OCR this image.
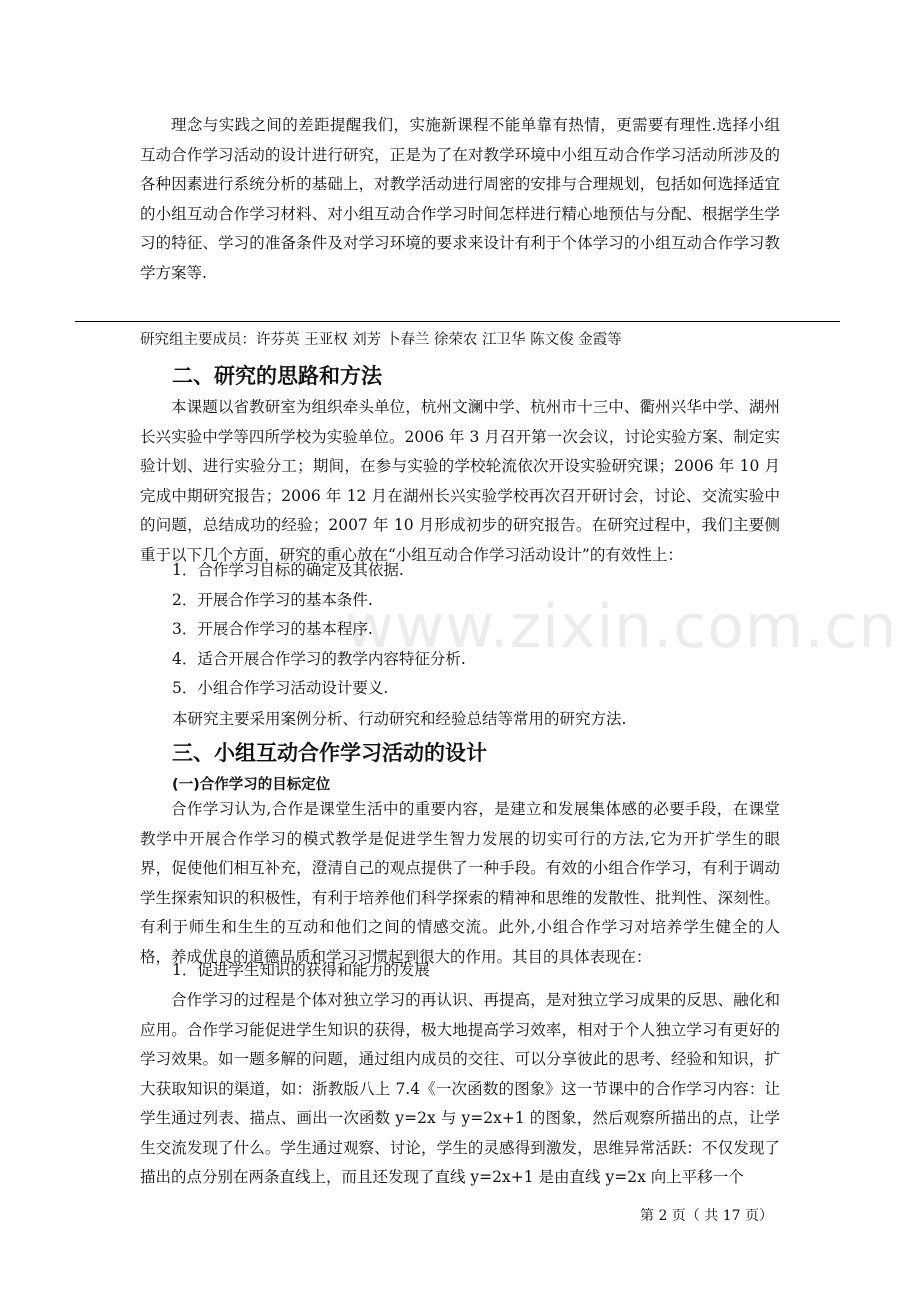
理念与实践之间的差距提醒我们，实施新课程不能单靠有热情，更需要有理性.选择小组互动合作学习活动的设计进行研究，正是为了在对教学环境中小组互动合作学习活动所涉及的各种因素进行系统分析的基础上，对教学活动进行周密的安排与合理规划，包括如何选择适宜的小组互动合作学习材料、对小组互动合作学习时间怎样进行精心地预估与分配、根据学生学习的特征、学习的准备条件及对学习环境的要求来设计有利于个体学习的小组互动合作学习教学方案等.

研究组主要成员：许芬英 王亚权 刘芳 卜春兰 徐荣农 江卫华 陈文俊 金霞等
二、研究的思路和方法

本课题以省教研室为组织牵头单位，杭州文澜中学、杭州市十三中、衢州兴华中学、湖州长兴实验中学等四所学校为实验单位。2006 年 3 月召开第一次会议，讨论实验方案、制定实验计划、进行实验分工；期间，在参与实验的学校轮流依次开设实验研究课；2006 年 10 月完成中期研究报告；2006 年 12 月在湖州长兴实验学校再次召开研讨会，讨论、交流实验中的问题，总结成功的经验；2007 年 10 月形成初步的研究报告。在研究过程中，我们主要侧重于以下几个方面，研究的重心放在“小组互动合作学习活动设计”的有效性上：

1．合作学习目标的确定及其依据.
2．开展合作学习的基本条件.
3．开展合作学习的基本程序.
4．适合开展合作学习的教学内容特征分析.
5．小组合作学习活动设计要义.
本研究主要采用案例分析、行动研究和经验总结等常用的研究方法.
三、小组互动合作学习活动的设计
(一)合作学习的目标定位

合作学习认为,合作是课堂生活中的重要内容，是建立和发展集体感的必要手段，在课堂教学中开展合作学习的模式教学是促进学生智力发展的切实可行的方法,它为开扩学生的眼界，促使他们相互补充，澄清自己的观点提供了一种手段。有效的小组合作学习，有利于调动学生探索知识的积极性，有利于培养他们科学探索的精神和思维的发散性、批判性、深刻性。有利于师生和生生的互动和他们之间的情感交流。此外,小组合作学习对培养学生健全的人格，养成优良的道德品质和学习习惯起到很大的作用。其目的具体表现在：

1．促进学生知识的获得和能力的发展

合作学习的过程是个体对独立学习的再认识、再提高，是对独立学习成果的反思、融化和应用。合作学习能促进学生知识的获得，极大地提高学习效率，相对于个人独立学习有更好的学习效果。如一题多解的问题，通过组内成员的交往、可以分享彼此的思考、经验和知识，扩大获取知识的渠道，如：浙教版八上 7.4《一次函数的图象》这一节课中的合作学习内容：让学生通过列表、描点、画出一次函数 y=2x 与 y=2x+1 的图象，然后观察所描出的点，让学生交流发现了什么。学生通过观察、讨论，学生的灵感得到激发，思维异常活跃：不仅发现了描出的点分别在两条直线上，而且还发现了直线 y=2x+1 是由直线 y=2x 向上平移一个

www.zixin.com.cn
第 2 页（ 共 17 页）
